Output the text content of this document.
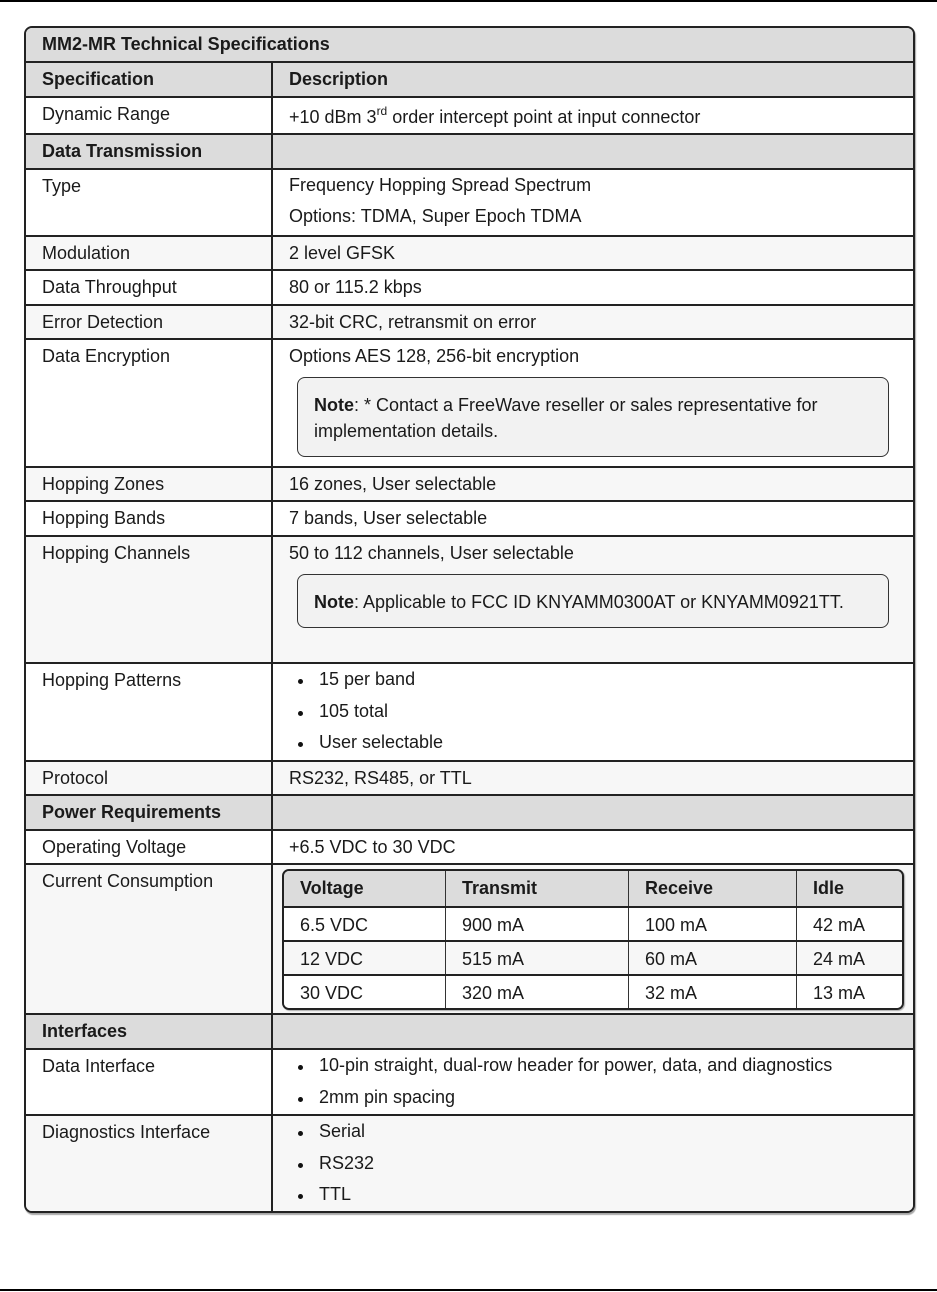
MM2-MR Technical Specifications
Specification	Description
Dynamic Range	+10 dBm 3rd order intercept point at input connector
Data Transmission
Type	Frequency Hopping Spread Spectrum
Options: TDMA, Super Epoch TDMA
Modulation	2 level GFSK
Data Throughput	80 or 115.2 kbps
Error Detection	32-bit CRC, retransmit on error
Data Encryption	Options AES 128, 256-bit encryption
Note: * Contact a FreeWave reseller or sales representative for implementation details.
Hopping Zones	16 zones, User selectable
Hopping Bands	7 bands, User selectable
Hopping Channels	50 to 112 channels, User selectable
Note: Applicable to FCC ID KNYAMM0300AT or KNYAMM0921TT.
Hopping Patterns	15 per band
105 total
User selectable
Protocol	RS232, RS485, or TTL
Power Requirements
Operating Voltage	+6.5 VDC to 30 VDC
Current Consumption	Voltage	Transmit	Receive	Idle
6.5 VDC	900 mA	100 mA	42 mA
12 VDC	515 mA	60 mA	24 mA
30 VDC	320 mA	32 mA	13 mA
Interfaces
Data Interface	10-pin straight, dual-row header for power, data, and diagnostics
2mm pin spacing
Diagnostics Interface	Serial
RS232
TTL
